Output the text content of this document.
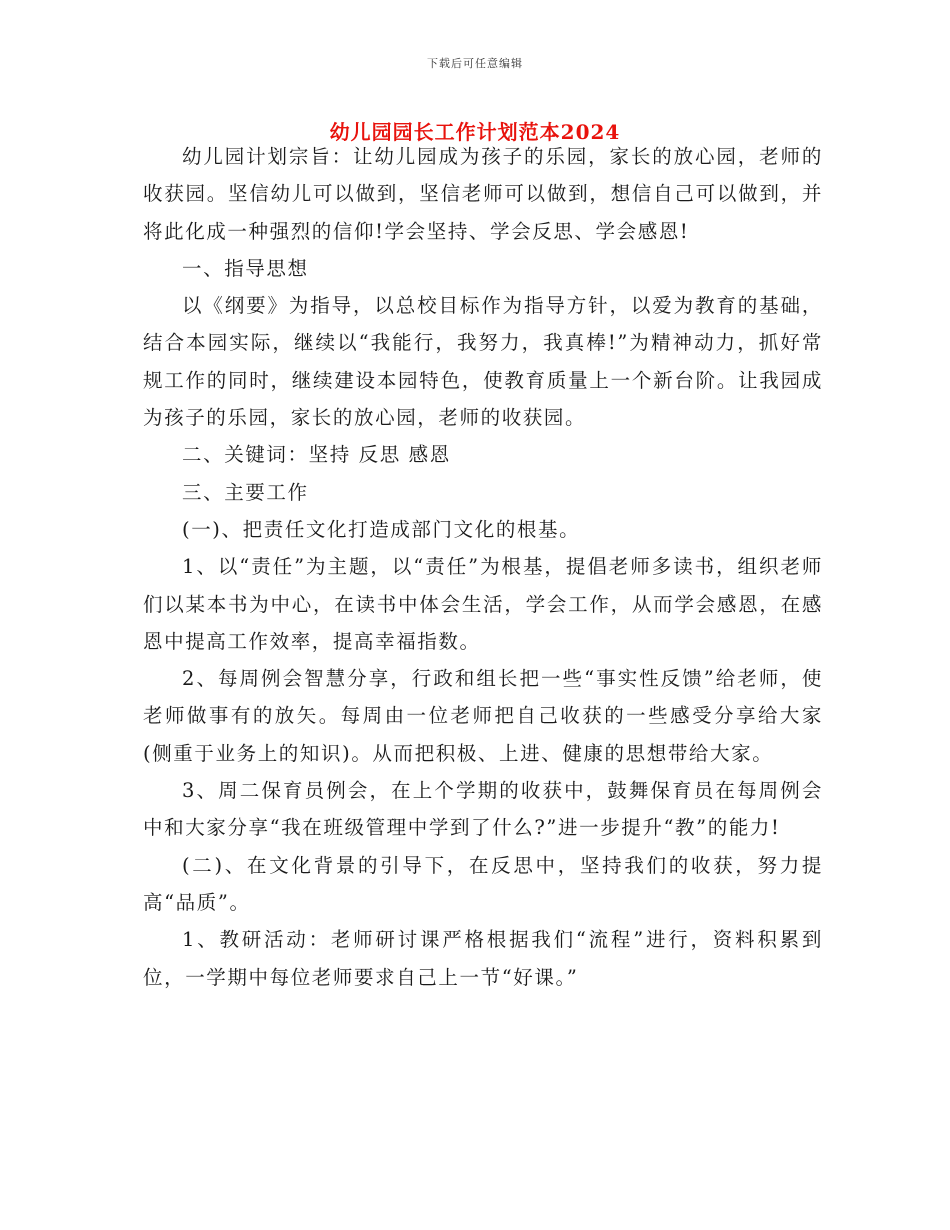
下载后可任意编辑
幼儿园园长工作计划范本2024

幼儿园计划宗旨：让幼儿园成为孩子的乐园，家长的放心园，老师的收获园。坚信幼儿可以做到，坚信老师可以做到，想信自己可以做到，并将此化成一种强烈的信仰!学会坚持、学会反思、学会感恩!

一、指导思想

以《纲要》为指导，以总校目标作为指导方针，以爱为教育的基础，结合本园实际，继续以“我能行，我努力，我真棒!”为精神动力，抓好常规工作的同时，继续建设本园特色，使教育质量上一个新台阶。让我园成为孩子的乐园，家长的放心园，老师的收获园。

二、关键词：坚持 反思 感恩

三、主要工作

(一)、把责任文化打造成部门文化的根基。

1、以“责任”为主题，以“责任”为根基，提倡老师多读书，组织老师们以某本书为中心，在读书中体会生活，学会工作，从而学会感恩，在感恩中提高工作效率，提高幸福指数。

2、每周例会智慧分享，行政和组长把一些“事实性反馈”给老师，使老师做事有的放矢。每周由一位老师把自己收获的一些感受分享给大家(侧重于业务上的知识)。从而把积极、上进、健康的思想带给大家。

3、周二保育员例会，在上个学期的收获中，鼓舞保育员在每周例会中和大家分享“我在班级管理中学到了什么?”进一步提升“教”的能力!

(二)、在文化背景的引导下，在反思中，坚持我们的收获，努力提高“品质”。

1、教研活动：老师研讨课严格根据我们“流程”进行，资料积累到位，一学期中每位老师要求自己上一节“好课。”
